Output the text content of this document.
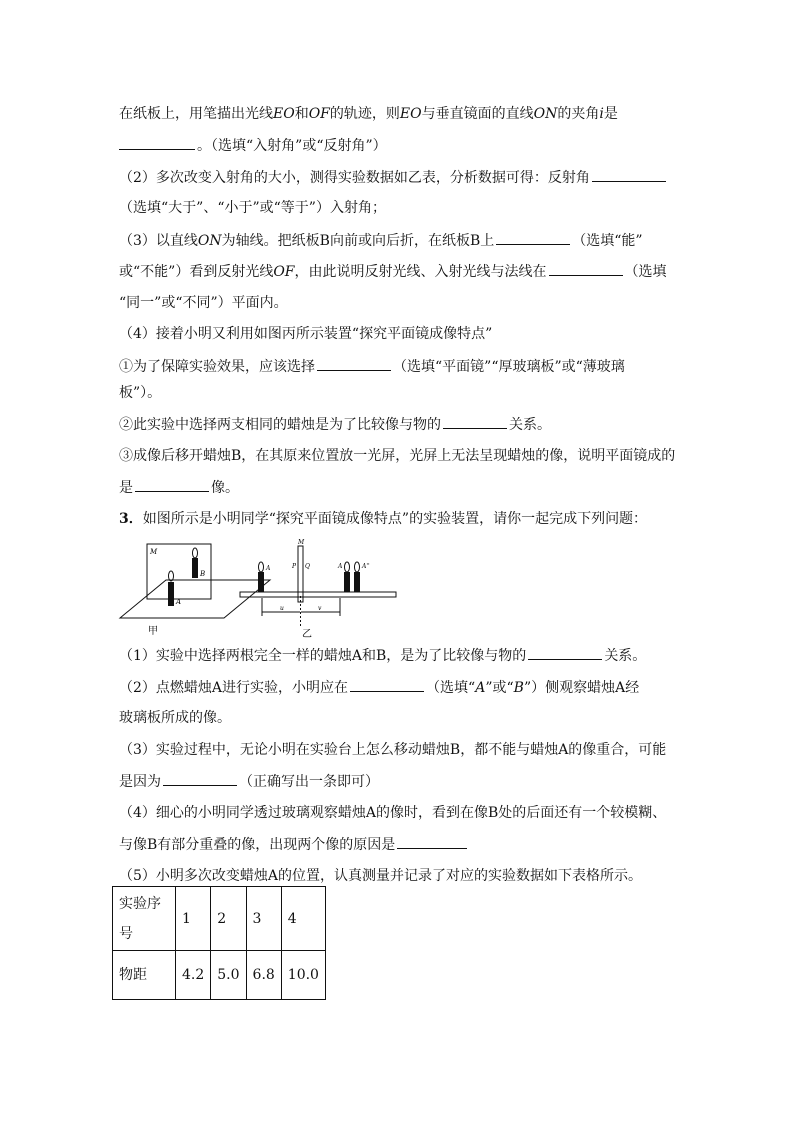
在纸板上，用笔描出光线EO和OF的轨迹，则EO与垂直镜面的直线ON的夹角i是
。（选填“入射角”或“反射角”）
（2）多次改变入射角的大小，测得实验数据如乙表，分析数据可得：反射角
（选填“大于”、“小于”或“等于”）入射角；
（3）以直线ON为轴线。把纸板B向前或向后折，在纸板B上	（选填“能”
或“不能”）看到反射光线OF，由此说明反射光线、入射光线与法线在	（选填
“同一”或“不同”）平面内。
（4）接着小明又利用如图丙所示装置“探究平面镜成像特点”
①为了保障实验效果，应该选择	（选填“平面镜”“厚玻璃板”或“薄玻璃
板”）。
②此实验中选择两支相同的蜡烛是为了比较像与物的	关系。
③成像后移开蜡烛B，在其原来位置放一光屏，光屏上无法呈现蜡烛的像，说明平面镜成的
是	像。
3．如图所示是小明同学“探究平面镜成像特点”的实验装置，请你一起完成下列问题：
M
B
A
甲
M
P Q
A	A	A''
u	v
乙
（1）实验中选择两根完全一样的蜡烛A和B，是为了比较像与物的	关系。
（2）点燃蜡烛A进行实验，小明应在	（选填“A”或“B”）侧观察蜡烛A经
玻璃板所成的像。
（3）实验过程中，无论小明在实验台上怎么移动蜡烛B，都不能与蜡烛A的像重合，可能
是因为	（正确写出一条即可）
（4）细心的小明同学透过玻璃观察蜡烛A的像时，看到在像B处的后面还有一个较模糊、
与像B有部分重叠的像，出现两个像的原因是
（5）小明多次改变蜡烛A的位置，认真测量并记录了对应的实验数据如下表格所示。
实验序号	1	2	3	4
物距	4.2	5.0	6.8	10.0
